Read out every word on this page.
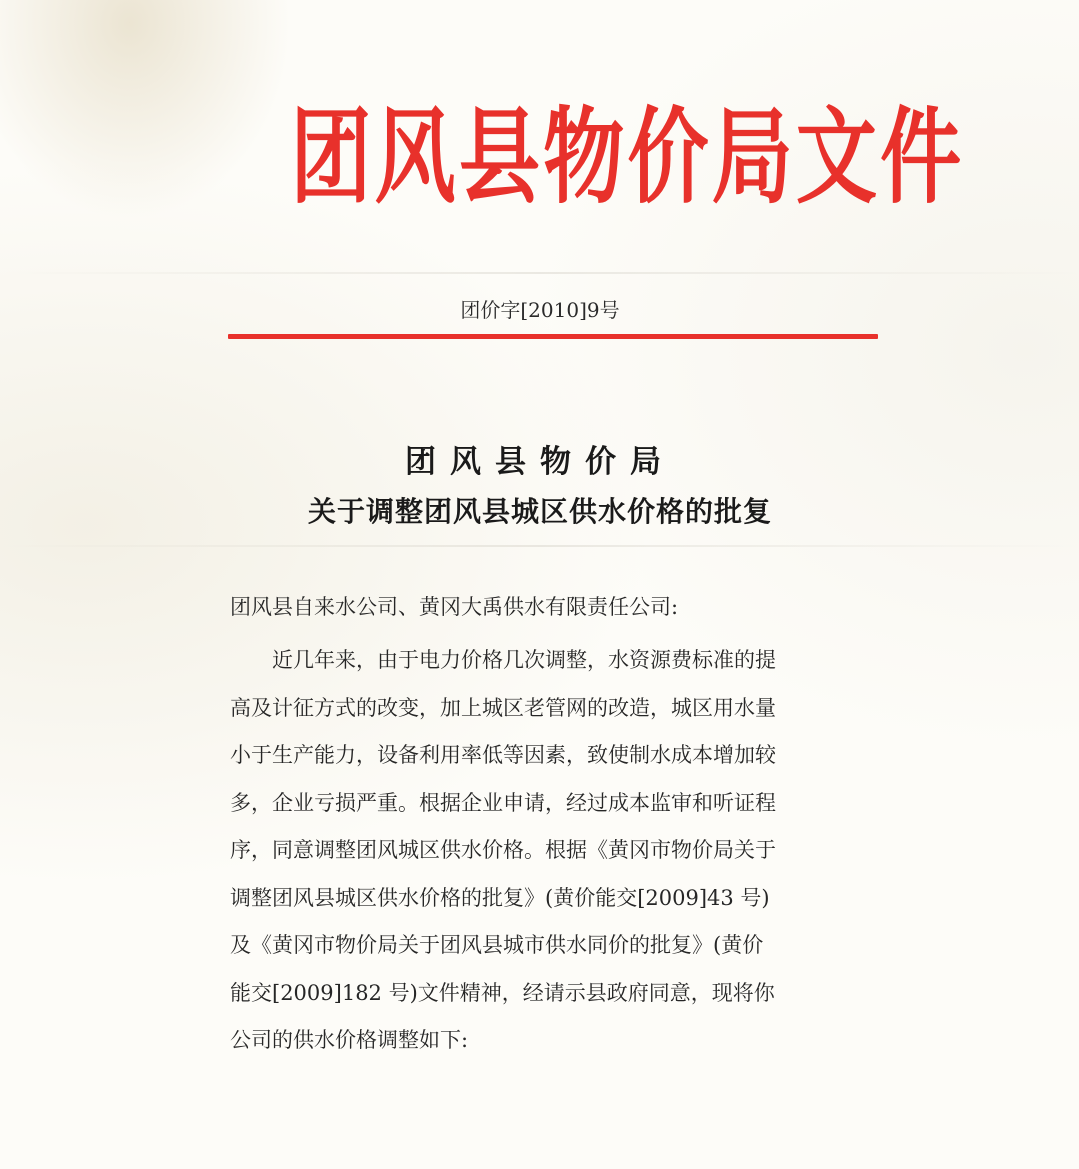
团风县物价局文件
团价字[2010]9号
团风县物价局
关于调整团风县城区供水价格的批复
团风县自来水公司、黄冈大禹供水有限责任公司:
近几年来，由于电力价格几次调整，水资源费标准的提
高及计征方式的改变，加上城区老管网的改造，城区用水量
小于生产能力，设备利用率低等因素，致使制水成本增加较
多，企业亏损严重。根据企业申请，经过成本监审和听证程
序，同意调整团风城区供水价格。根据《黄冈市物价局关于
调整团风县城区供水价格的批复》(黄价能交[2009]43 号)
及《黄冈市物价局关于团风县城市供水同价的批复》(黄价
能交[2009]182 号)文件精神，经请示县政府同意，现将你
公司的供水价格调整如下:
